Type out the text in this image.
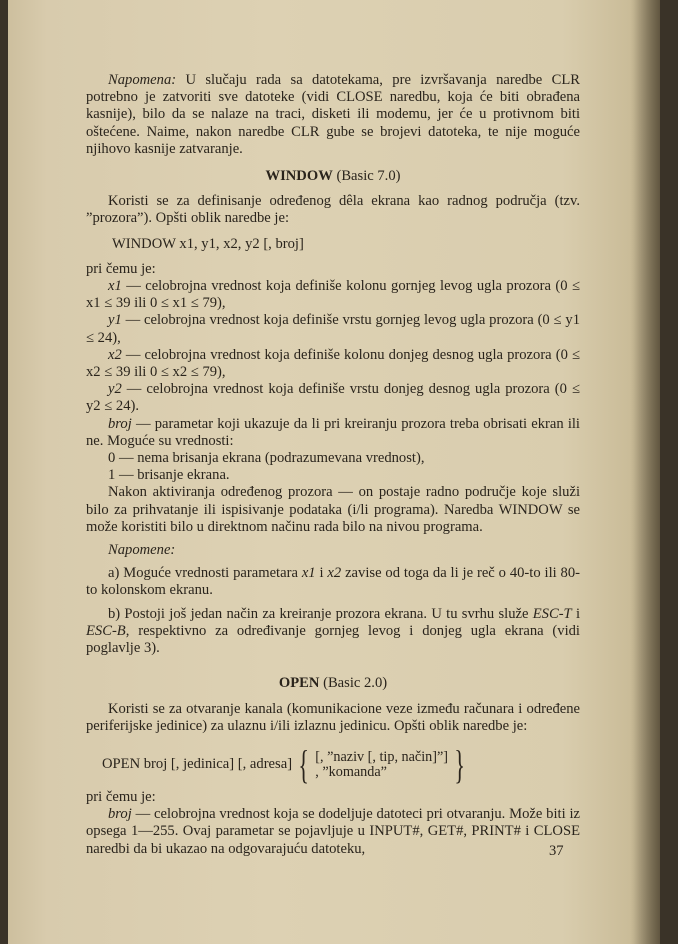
Napomena: U slučaju rada sa datotekama, pre izvršavanja naredbe CLR potrebno je zatvoriti sve datoteke (vidi CLOSE naredbu, koja će biti obrađena kasnije), bilo da se nalaze na traci, disketi ili modemu, jer će u protivnom biti oštećene. Naime, nakon naredbe CLR gube se brojevi datoteka, te nije moguće njihovo kasnije zatvaranje.

WINDOW (Basic 7.0)

Koristi se za definisanje određenog dêla ekrana kao radnog područja (tzv. ”prozora”). Opšti oblik naredbe je:

WINDOW x1, y1, x2, y2 [, broj]

pri čemu je:

x1 — celobrojna vrednost koja definiše kolonu gornjeg levog ugla prozora (0 ≤ x1 ≤ 39 ili 0 ≤ x1 ≤ 79),

y1 — celobrojna vrednost koja definiše vrstu gornjeg levog ugla prozora (0 ≤ y1 ≤ 24),

x2 — celobrojna vrednost koja definiše kolonu donjeg desnog ugla prozora (0 ≤ x2 ≤ 39 ili 0 ≤ x2 ≤ 79),

y2 — celobrojna vrednost koja definiše vrstu donjeg desnog ugla prozora (0 ≤ y2 ≤ 24).

broj — parametar koji ukazuje da li pri kreiranju prozora treba obrisati ekran ili ne. Moguće su vrednosti:

0 — nema brisanja ekrana (podrazumevana vrednost),

1 — brisanje ekrana.

Nakon aktiviranja određenog prozora — on postaje radno područje koje služi bilo za prihvatanje ili ispisivanje podataka (i/li programa). Naredba WINDOW se može koristiti bilo u direktnom načinu rada bilo na nivou programa.

Napomene:

a) Moguće vrednosti parametara x1 i x2 zavise od toga da li je reč o 40-to ili 80-to kolonskom ekranu.

b) Postoji još jedan način za kreiranje prozora ekrana. U tu svrhu služe ESC-T i ESC-B, respektivno za određivanje gornjeg levog i donjeg ugla ekrana (vidi poglavlje 3).

OPEN (Basic 2.0)

Koristi se za otvaranje kanala (komunikacione veze između računara i određene periferijske jedinice) za ulaznu i/ili izlaznu jedinicu. Opšti oblik naredbe je:

OPEN broj [, jedinica] [, adresa] { [, ”naziv [, tip, način]”]
, ”komanda”	}

pri čemu je:

broj — celobrojna vrednost koja se dodeljuje datoteci pri otvaranju. Može biti iz opsega 1—255. Ovaj parametar se pojavljuje u INPUT#, GET#, PRINT# i CLOSE naredbi da bi ukazao na odgovarajuću datoteku,	37
